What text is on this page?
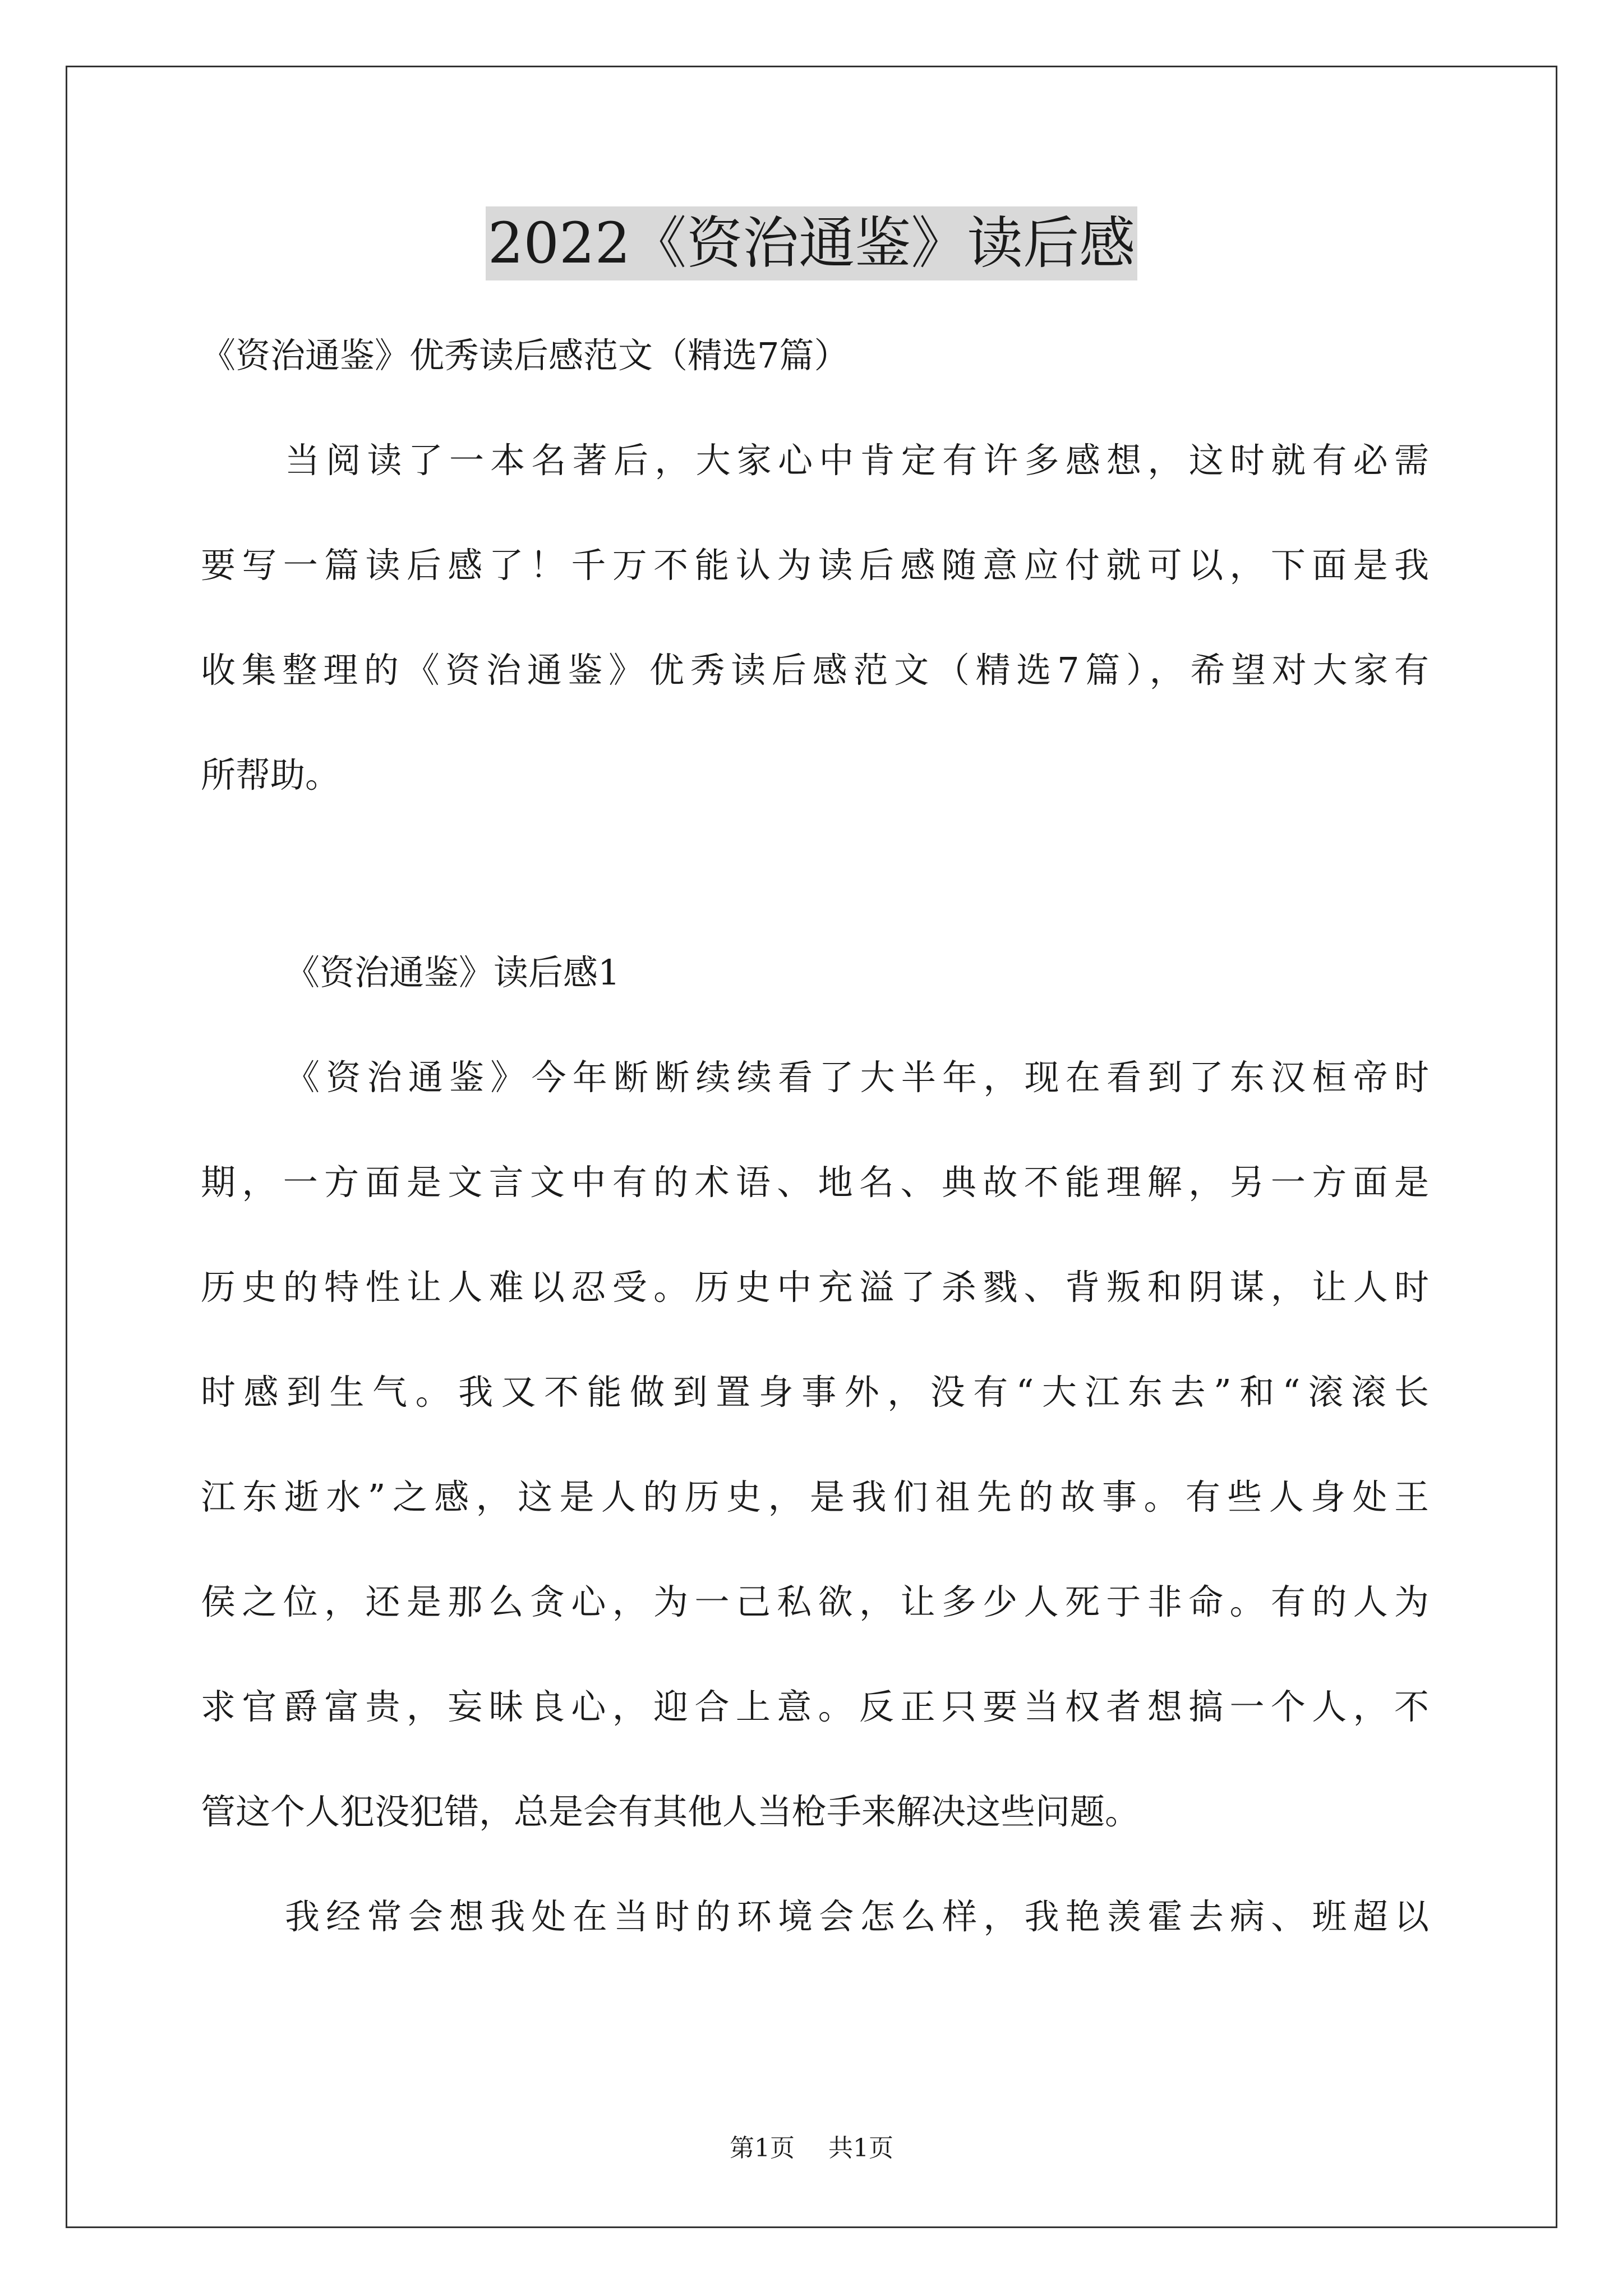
2022《资治通鉴》读后感
《资治通鉴》优秀读后感范文（精选7篇）
当阅读了一本名著后，大家心中肯定有许多感想，这时就有必需
要写一篇读后感了！千万不能认为读后感随意应付就可以，下面是我
收集整理的《资治通鉴》优秀读后感范文（精选7篇），希望对大家有
所帮助。
《资治通鉴》读后感1
《资治通鉴》今年断断续续看了大半年，现在看到了东汉桓帝时
期，一方面是文言文中有的术语、地名、典故不能理解，另一方面是
历史的特性让人难以忍受。历史中充溢了杀戮、背叛和阴谋，让人时
时感到生气。我又不能做到置身事外，没有“大江东去”和“滚滚长
江东逝水”之感，这是人的历史，是我们祖先的故事。有些人身处王
侯之位，还是那么贪心，为一己私欲，让多少人死于非命。有的人为
求官爵富贵，妄昧良心，迎合上意。反正只要当权者想搞一个人，不
管这个人犯没犯错，总是会有其他人当枪手来解决这些问题。
我经常会想我处在当时的环境会怎么样，我艳羡霍去病、班超以
第1页 共1页
